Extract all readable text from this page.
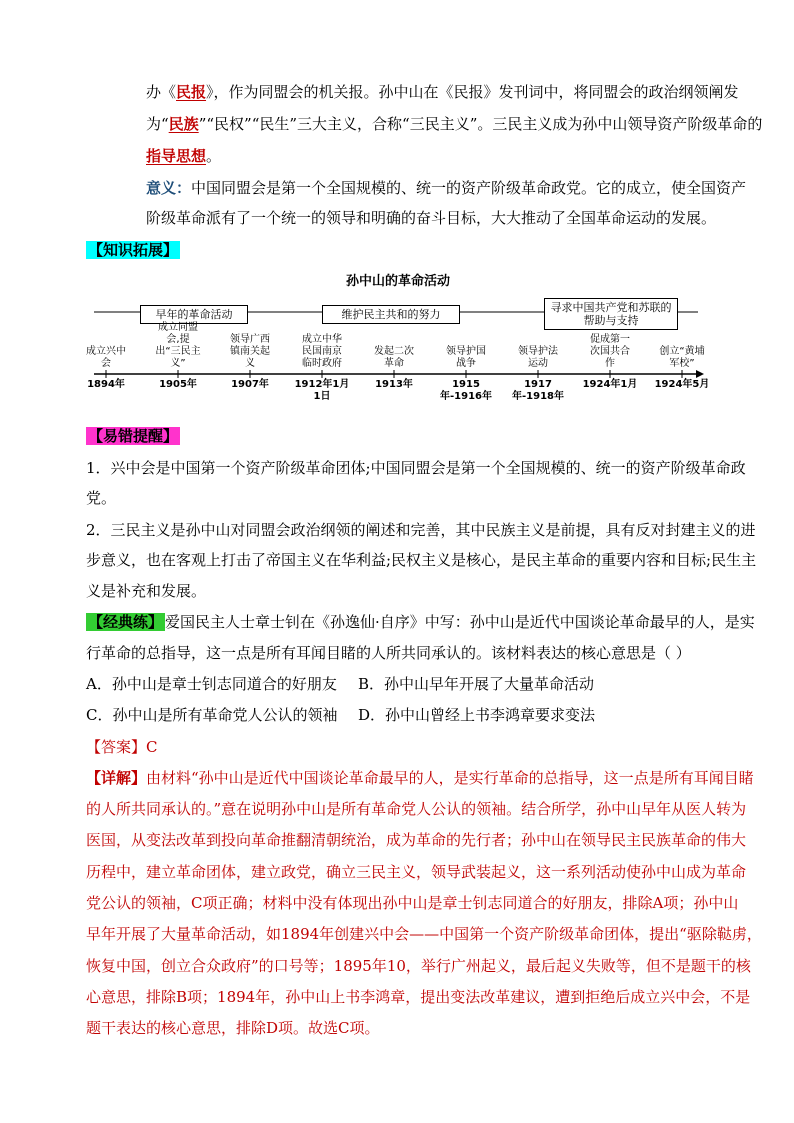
办《民报》，作为同盟会的机关报。孙中山在《民报》发刊词中，将同盟会的政治纲领阐发
为“民族”“民权”“民生”三大主义，合称“三民主义”。三民主义成为孙中山领导资产阶级革命的
指导思想。
意义：中国同盟会是第一个全国规模的、统一的资产阶级革命政党。它的成立，使全国资产
阶级革命派有了一个统一的领导和明确的奋斗目标，大大推动了全国革命运动的发展。
【知识拓展】
孙中山的革命活动
早年的革命活动	维护民主共和的努力
寻求中国共产党和苏联的帮助与支持
成立兴中会
1894年
成立同盟会,提出“三民主义”
1905年
领导广西镇南关起义
1907年
成立中华民国南京临时政府
1912年1月1日
发起二次革命
1913年
领导护国战争
1915年-1916年
领导护法运动
1917年-1918年
促成第一次国共合作
1924年1月
创立“黄埔军校”
1924年5月
【易错提醒】
1．兴中会是中国第一个资产阶级革命团体;中国同盟会是第一个全国规模的、统一的资产阶级革命政
党。
2．三民主义是孙中山对同盟会政治纲领的阐述和完善，其中民族主义是前提，具有反对封建主义的进
步意义，也在客观上打击了帝国主义在华利益;民权主义是核心，是民主革命的重要内容和目标;民生主
义是补充和发展。
【经典练】 爱国民主人士章士钊在《孙逸仙·自序》中写：孙中山是近代中国谈论革命最早的人，是实
行革命的总指导，这一点是所有耳闻目睹的人所共同承认的。该材料表达的核心意思是（ ）
A．孙中山是章士钊志同道合的好朋友 B．孙中山早年开展了大量革命活动
C．孙中山是所有革命党人公认的领袖 D．孙中山曾经上书李鸿章要求变法
【答案】C
【详解】由材料“孙中山是近代中国谈论革命最早的人，是实行革命的总指导，这一点是所有耳闻目睹
的人所共同承认的。”意在说明孙中山是所有革命党人公认的领袖。结合所学，孙中山早年从医人转为
医国，从变法改革到投向革命推翻清朝统治，成为革命的先行者；孙中山在领导民主民族革命的伟大
历程中，建立革命团体，建立政党，确立三民主义，领导武装起义，这一系列活动使孙中山成为革命
党公认的领袖，C项正确；材料中没有体现出孙中山是章士钊志同道合的好朋友，排除A项；孙中山
早年开展了大量革命活动，如1894年创建兴中会——中国第一个资产阶级革命团体，提出“驱除鞑虏，
恢复中国，创立合众政府”的口号等；1895年10，举行广州起义，最后起义失败等，但不是题干的核
心意思，排除B项；1894年，孙中山上书李鸿章，提出变法改革建议，遭到拒绝后成立兴中会，不是
题干表达的核心意思，排除D项。故选C项。
